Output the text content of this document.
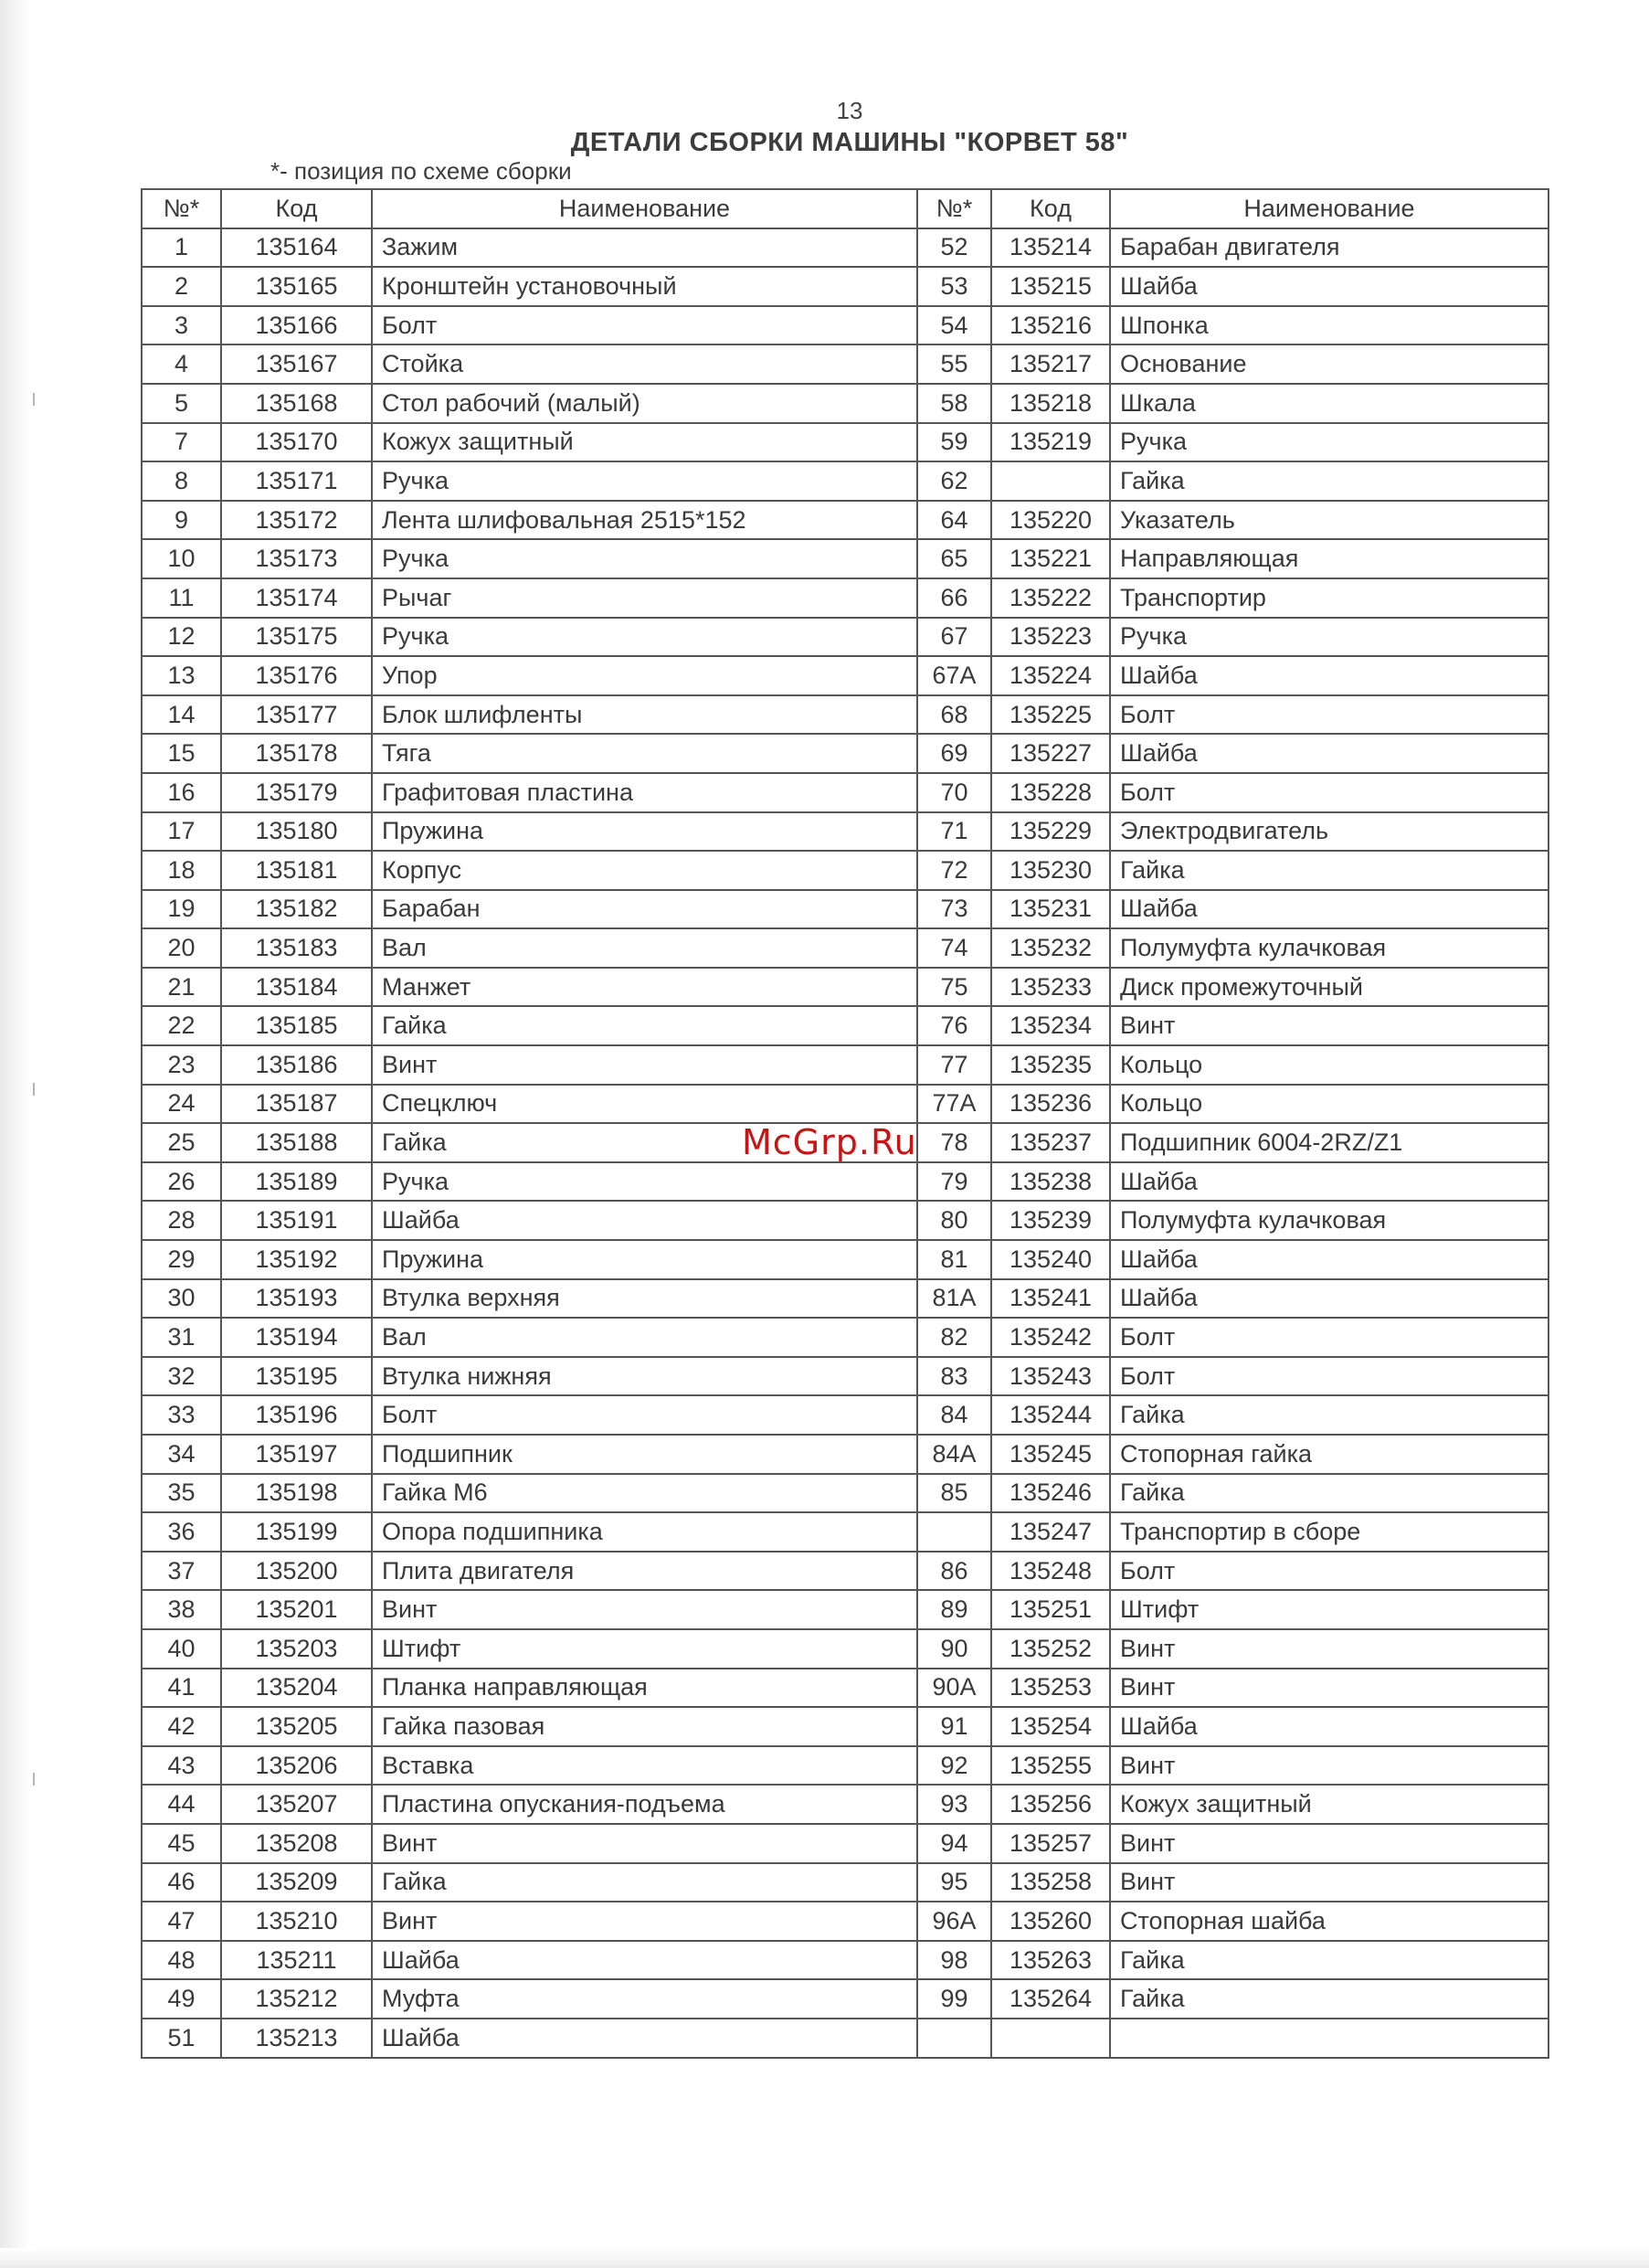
13
ДЕТАЛИ СБОРКИ МАШИНЫ "КОРВЕТ 58"
*- позиция по схеме сборки
№*	Код	Наименование	№*	Код	Наименование
1	135164	Зажим	52	135214	Барабан двигателя
2	135165	Кронштейн установочный	53	135215	Шайба
3	135166	Болт	54	135216	Шпонка
4	135167	Стойка	55	135217	Основание
5	135168	Стол рабочий (малый)	58	135218	Шкала
7	135170	Кожух защитный	59	135219	Ручка
8	135171	Ручка	62		Гайка
9	135172	Лента шлифовальная 2515*152	64	135220	Указатель
10	135173	Ручка	65	135221	Направляющая
11	135174	Рычаг	66	135222	Транспортир
12	135175	Ручка	67	135223	Ручка
13	135176	Упор	67A	135224	Шайба
14	135177	Блок шлифленты	68	135225	Болт
15	135178	Тяга	69	135227	Шайба
16	135179	Графитовая пластина	70	135228	Болт
17	135180	Пружина	71	135229	Электродвигатель
18	135181	Корпус	72	135230	Гайка
19	135182	Барабан	73	135231	Шайба
20	135183	Вал	74	135232	Полумуфта кулачковая
21	135184	Манжет	75	135233	Диск промежуточный
22	135185	Гайка	76	135234	Винт
23	135186	Винт	77	135235	Кольцо
24	135187	Спецключ	77A	135236	Кольцо
25	135188	Гайка	78	135237	Подшипник 6004-2RZ/Z1
26	135189	Ручка	79	135238	Шайба
28	135191	Шайба	80	135239	Полумуфта кулачковая
29	135192	Пружина	81	135240	Шайба
30	135193	Втулка верхняя	81A	135241	Шайба
31	135194	Вал	82	135242	Болт
32	135195	Втулка нижняя	83	135243	Болт
33	135196	Болт	84	135244	Гайка
34	135197	Подшипник	84A	135245	Стопорная гайка
35	135198	Гайка М6	85	135246	Гайка
36	135199	Опора подшипника		135247	Транспортир в сборе
37	135200	Плита двигателя	86	135248	Болт
38	135201	Винт	89	135251	Штифт
40	135203	Штифт	90	135252	Винт
41	135204	Планка направляющая	90A	135253	Винт
42	135205	Гайка пазовая	91	135254	Шайба
43	135206	Вставка	92	135255	Винт
44	135207	Пластина опускания-подъема	93	135256	Кожух защитный
45	135208	Винт	94	135257	Винт
46	135209	Гайка	95	135258	Винт
47	135210	Винт	96A	135260	Стопорная шайба
48	135211	Шайба	98	135263	Гайка
49	135212	Муфта	99	135264	Гайка
51	135213	Шайба			
McGrp.Ru
